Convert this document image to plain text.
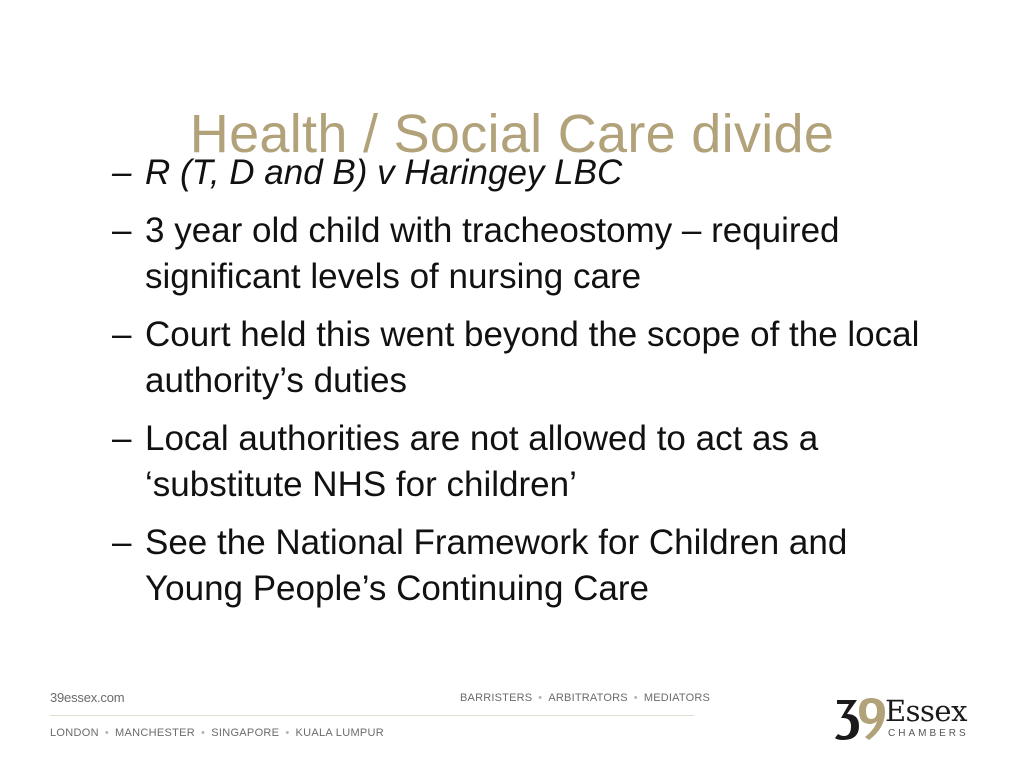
Health / Social Care divide
– R (T, D and B) v Haringey LBC
– 3 year old child with tracheostomy – required significant levels of nursing care
– Court held this went beyond the scope of the local authority’s duties
– Local authorities are not allowed to act as a ‘substitute NHS for children’
– See the National Framework for Children and Young People’s Continuing Care
39essex.com	BARRISTERS • ARBITRATORS • MEDIATORS
LONDON • MANCHESTER • SINGAPORE • KUALA LUMPUR
Essex
CHAMBERS
